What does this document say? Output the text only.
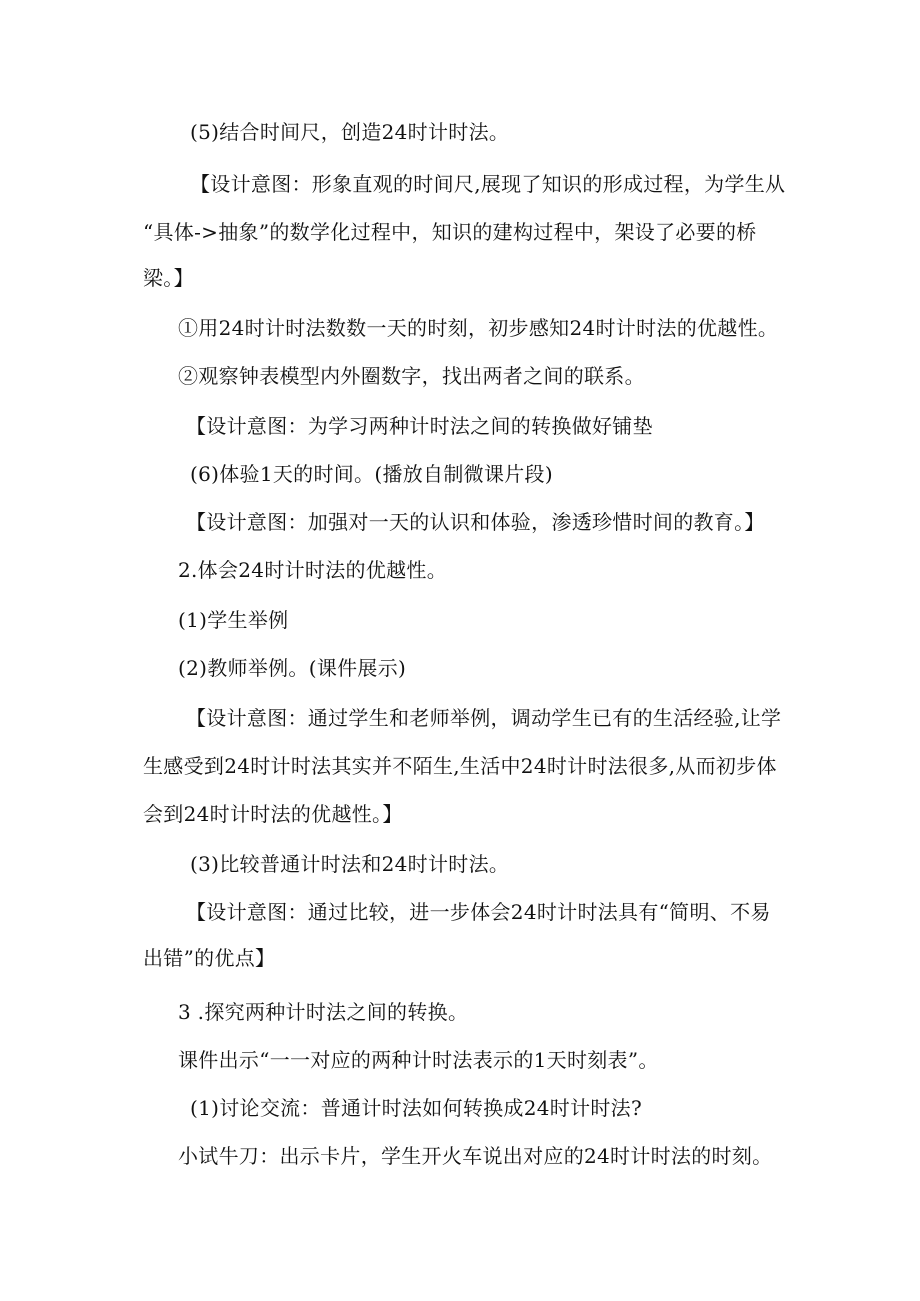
(5)结合时间尺，创造24时计时法。
【设计意图：形象直观的时间尺,展现了知识的形成过程，为学生从
“具体->抽象”的数学化过程中，知识的建构过程中，架设了必要的桥
梁。】
①用24时计时法数数一天的时刻，初步感知24时计时法的优越性。
②观察钟表模型内外圈数字，找出两者之间的联系。
【设计意图：为学习两种计时法之间的转换做好铺垫
(6)体验1天的时间。(播放自制微课片段)
【设计意图：加强对一天的认识和体验，渗透珍惜时间的教育。】
2.体会24时计时法的优越性。
(1)学生举例
(2)教师举例。(课件展示)
【设计意图：通过学生和老师举例，调动学生已有的生活经验,让学
生感受到24时计时法其实并不陌生,生活中24时计时法很多,从而初步体
会到24时计时法的优越性。】
(3)比较普通计时法和24时计时法。
【设计意图：通过比较，进一步体会24时计时法具有“简明、不易
出错”的优点】
3 .探究两种计时法之间的转换。
课件出示“一一对应的两种计时法表示的1天时刻表”。
(1)讨论交流：普通计时法如何转换成24时计时法?
小试牛刀：出示卡片，学生开火车说出对应的24时计时法的时刻。
